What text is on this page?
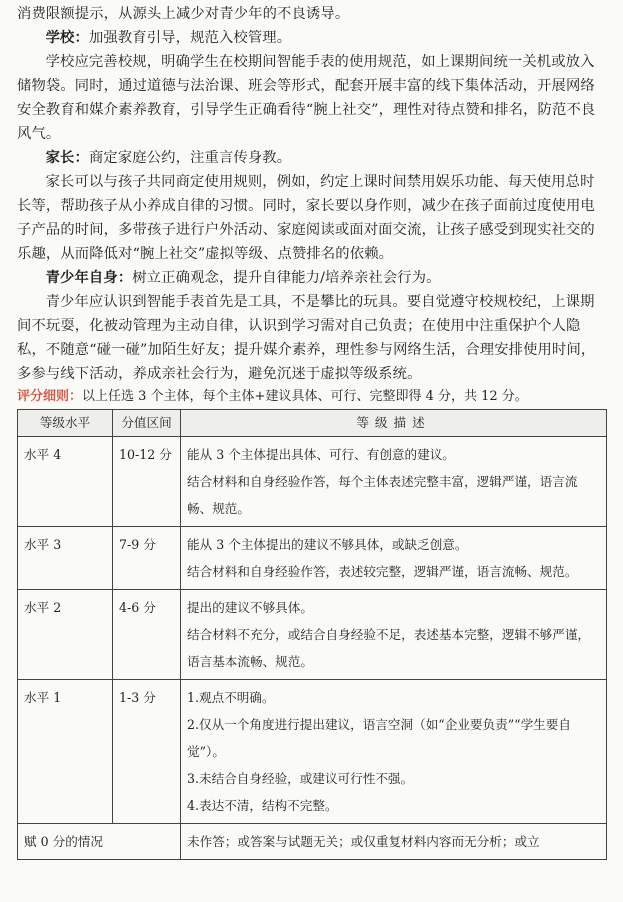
消费限额提示，从源头上减少对青少年的不良诱导。

学校：加强教育引导，规范入校管理。

学校应完善校规，明确学生在校期间智能手表的使用规范，如上课期间统一关机或放入储物袋。同时，通过道德与法治课、班会等形式，配套开展丰富的线下集体活动，开展网络安全教育和媒介素养教育，引导学生正确看待“腕上社交”，理性对待点赞和排名，防范不良风气。

家长：商定家庭公约，注重言传身教。

家长可以与孩子共同商定使用规则，例如，约定上课时间禁用娱乐功能、每天使用总时长等，帮助孩子从小养成自律的习惯。同时，家长要以身作则，减少在孩子面前过度使用电子产品的时间，多带孩子进行户外活动、家庭阅读或面对面交流，让孩子感受到现实社交的乐趣，从而降低对“腕上社交”虚拟等级、点赞排名的依赖。

青少年自身：树立正确观念，提升自律能力/培养亲社会行为。

青少年应认识到智能手表首先是工具，不是攀比的玩具。要自觉遵守校规校纪，上课期间不玩耍，化被动管理为主动自律，认识到学习需对自己负责；在使用中注重保护个人隐私，不随意“碰一碰”加陌生好友；提升媒介素养，理性参与网络生活，合理安排使用时间，多参与线下活动，养成亲社会行为，避免沉迷于虚拟等级系统。

评分细则：以上任选 3 个主体，每个主体+建议具体、可行、完整即得 4 分，共 12 分。

等级水平	分值区间	等级描述
水平 4	10-12 分	能从 3 个主体提出具体、可行、有创意的建议。
结合材料和自身经验作答，每个主体表述完整丰富，逻辑严谨，语言流畅、规范。

水平 3	7-9 分	能从 3 个主体提出的建议不够具体，或缺乏创意。
结合材料和自身经验作答，表述较完整，逻辑严谨，语言流畅、规范。

水平 2	4-6 分	提出的建议不够具体。
结合材料不充分，或结合自身经验不足，表述基本完整，逻辑不够严谨，语言基本流畅、规范。

水平 1	1-3 分	1.观点不明确。
2.仅从一个角度进行提出建议，语言空洞（如“企业要负责”“学生要自觉”）。
3.未结合自身经验，或建议可行性不强。
4.表达不清，结构不完整。

赋 0 分的情况		未作答；或答案与试题无关；或仅重复材料内容而无分析；或立
